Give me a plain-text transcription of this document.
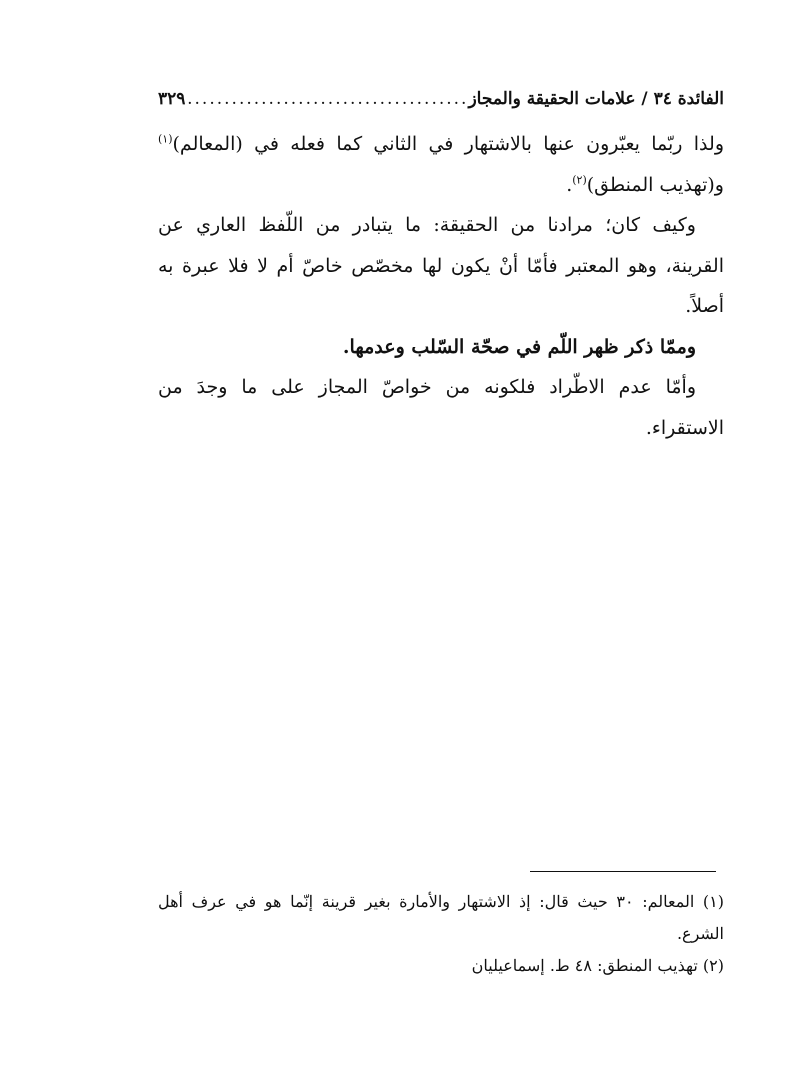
الفائدة ٣٤ / علامات الحقيقة والمجاز
.....
٣٢٩

ولذا ربّما يعبّرون عنها بالاشتهار في الثاني كما فعله في (المعالم)$^{(١)}$ و(تهذيب المنطق)$^{(٢)}$.

وكيف كان؛ مرادنا من الحقيقة: ما يتبادر من اللّفظ العاري عن القرينة، وهو المعتبر فأمّا أنْ يكون لها مخصّص خاصّ أم لا فلا عبرة به أصلاً.

وممّا ذكر ظهر اللّم في صحّة السّلب وعدمها.

وأمّا عدم الاطّراد فلكونه من خواصّ المجاز على ما وجدَ من الاستقراء.

(١) المعالم: ٣٠ حيث قال: إذ الاشتهار والأمارة بغير قرينة إنّما هو في عرف أهل الشرع.

(٢) تهذيب المنطق: ٤٨ ط. إسماعيليان
